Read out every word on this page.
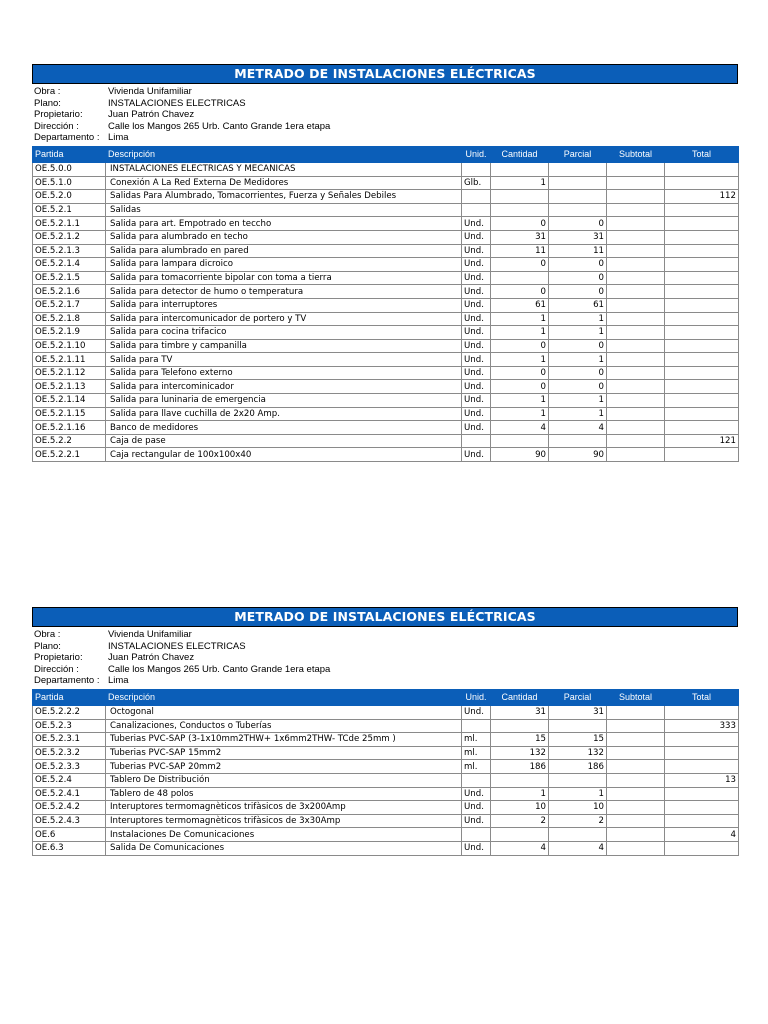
METRADO DE INSTALACIONES ELÉCTRICAS
Obra :	Vivienda Unifamiliar
Plano:	INSTALACIONES ELECTRICAS
Propietario:	Juan Patrón Chavez
Dirección :	Calle los Mangos 265 Urb. Canto Grande 1era etapa
Departamento : Lima
Partida	Descripción	Unid.	Cantidad	Parcial	Subtotal	Total
OE.5.0.0	INSTALACIONES ELECTRICAS Y MECANICAS					
OE.5.1.0	Conexión A La Red Externa De Medidores	Glb.	1			
OE.5.2.0	Salidas Para Alumbrado, Tomacorrientes, Fuerza y Señales Debiles					112
OE.5.2.1	Salidas					
OE.5.2.1.1	Salida para art. Empotrado en teccho	Und.	0	0		
OE.5.2.1.2	Salida para alumbrado en techo	Und.	31	31		
OE.5.2.1.3	Salida para alumbrado en pared	Und.	11	11		
OE.5.2.1.4	Salida para lampara dicroico	Und.	0	0		
OE.5.2.1.5	Salida para tomacorriente bipolar con toma a tierra	Und.		0		
OE.5.2.1.6	Salida para detector de humo o temperatura	Und.	0	0		
OE.5.2.1.7	Salida para interruptores	Und.	61	61		
OE.5.2.1.8	Salida para intercomunicador de portero y TV	Und.	1	1		
OE.5.2.1.9	Salida para cocina trifacico	Und.	1	1		
OE.5.2.1.10	Salida para timbre y campanilla	Und.	0	0		
OE.5.2.1.11	Salida para TV	Und.	1	1		
OE.5.2.1.12	Salida para Telefono externo	Und.	0	0		
OE.5.2.1.13	Salida para intercominicador	Und.	0	0		
OE.5.2.1.14	Salida para luninaria de emergencia	Und.	1	1		
OE.5.2.1.15	Salida para llave cuchilla de 2x20 Amp.	Und.	1	1		
OE.5.2.1.16	Banco de medidores	Und.	4	4		
OE.5.2.2	Caja de pase					121
OE.5.2.2.1	Caja rectangular de 100x100x40	Und.	90	90		
METRADO DE INSTALACIONES ELÉCTRICAS
Obra :	Vivienda Unifamiliar
Plano:	INSTALACIONES ELECTRICAS
Propietario:	Juan Patrón Chavez
Dirección :	Calle los Mangos 265 Urb. Canto Grande 1era etapa
Departamento : Lima
Partida	Descripción	Unid.	Cantidad	Parcial	Subtotal	Total
OE.5.2.2.2	Octogonal	Und.	31	31		
OE.5.2.3	Canalizaciones, Conductos o Tuberías					333
OE.5.2.3.1	Tuberias PVC-SAP (3-1x10mm2THW+ 1x6mm2THW- TCde 25mm )	ml.	15	15		
OE.5.2.3.2	Tuberias PVC-SAP 15mm2	ml.	132	132		
OE.5.2.3.3	Tuberias PVC-SAP 20mm2	ml.	186	186		
OE.5.2.4	Tablero De Distribución					13
OE.5.2.4.1	Tablero de 48 polos	Und.	1	1		
OE.5.2.4.2	Interuptores termomagnèticos trifàsicos de 3x200Amp	Und.	10	10		
OE.5.2.4.3	Interuptores termomagnèticos trifàsicos de 3x30Amp	Und.	2	2		
OE.6	Instalaciones De Comunicaciones					4
OE.6.3	Salida De Comunicaciones	Und.	4	4		
